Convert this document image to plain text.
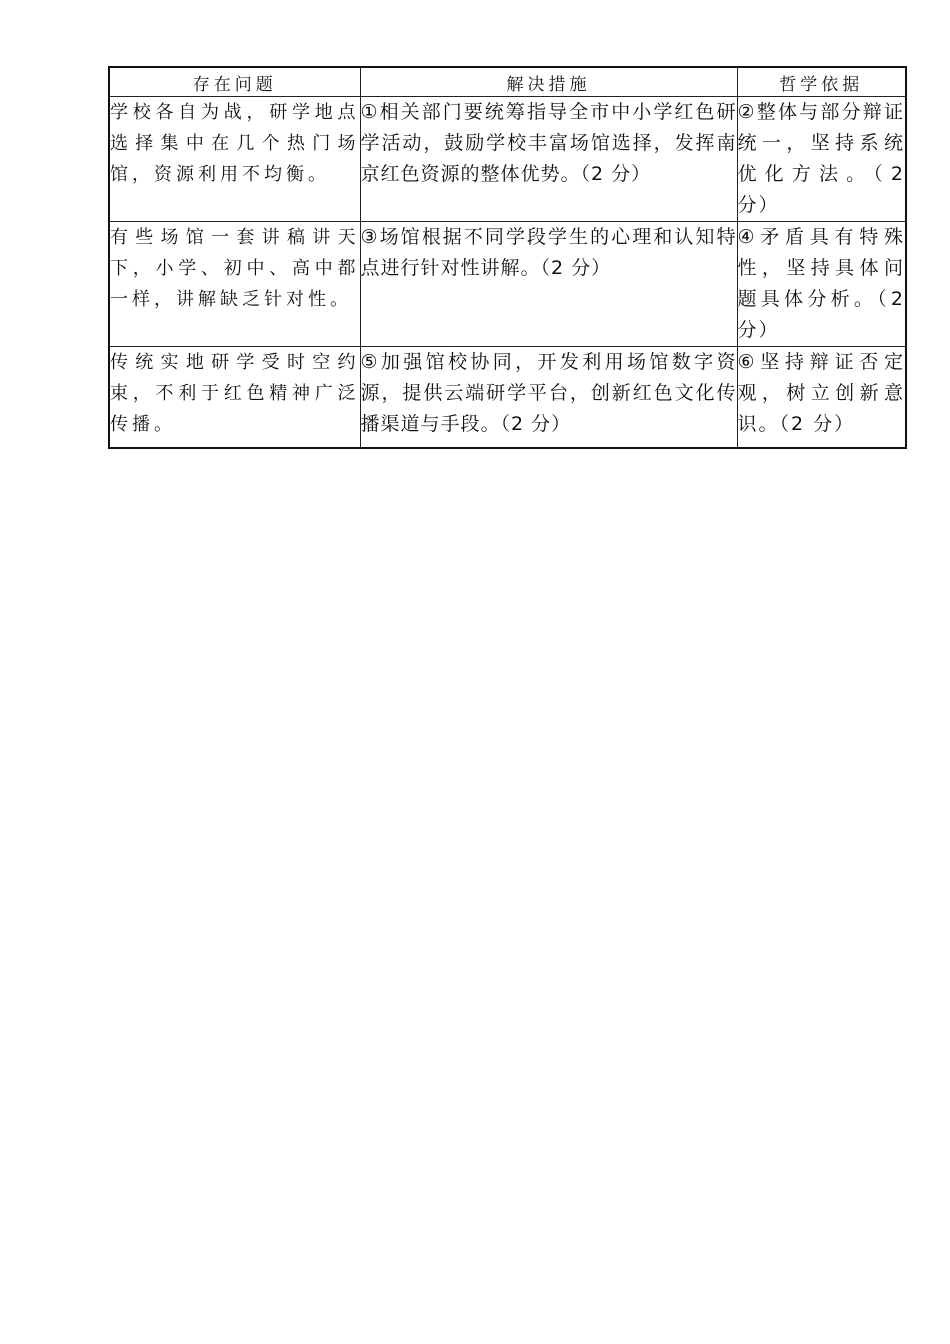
存在问题	解决措施	哲学依据
学校各自为战，研学地点选择集中在几个热门场馆，资源利用不均衡。	①相关部门要统筹指导全市中小学红色研学活动，鼓励学校丰富场馆选择，发挥南京红色资源的整体优势。（2 分）	②整体与部分辩证统一，坚持系统优化方法。（2 分）
有些场馆一套讲稿讲天下，小学、初中、高中都一样，讲解缺乏针对性。	③场馆根据不同学段学生的心理和认知特点进行针对性讲解。（2 分）	④矛盾具有特殊性，坚持具体问题具体分析。（2 分）
传统实地研学受时空约束，不利于红色精神广泛传播。	⑤加强馆校协同，开发利用场馆数字资源，提供云端研学平台，创新红色文化传播渠道与手段。（2 分）	⑥坚持辩证否定观，树立创新意识。（2 分）
